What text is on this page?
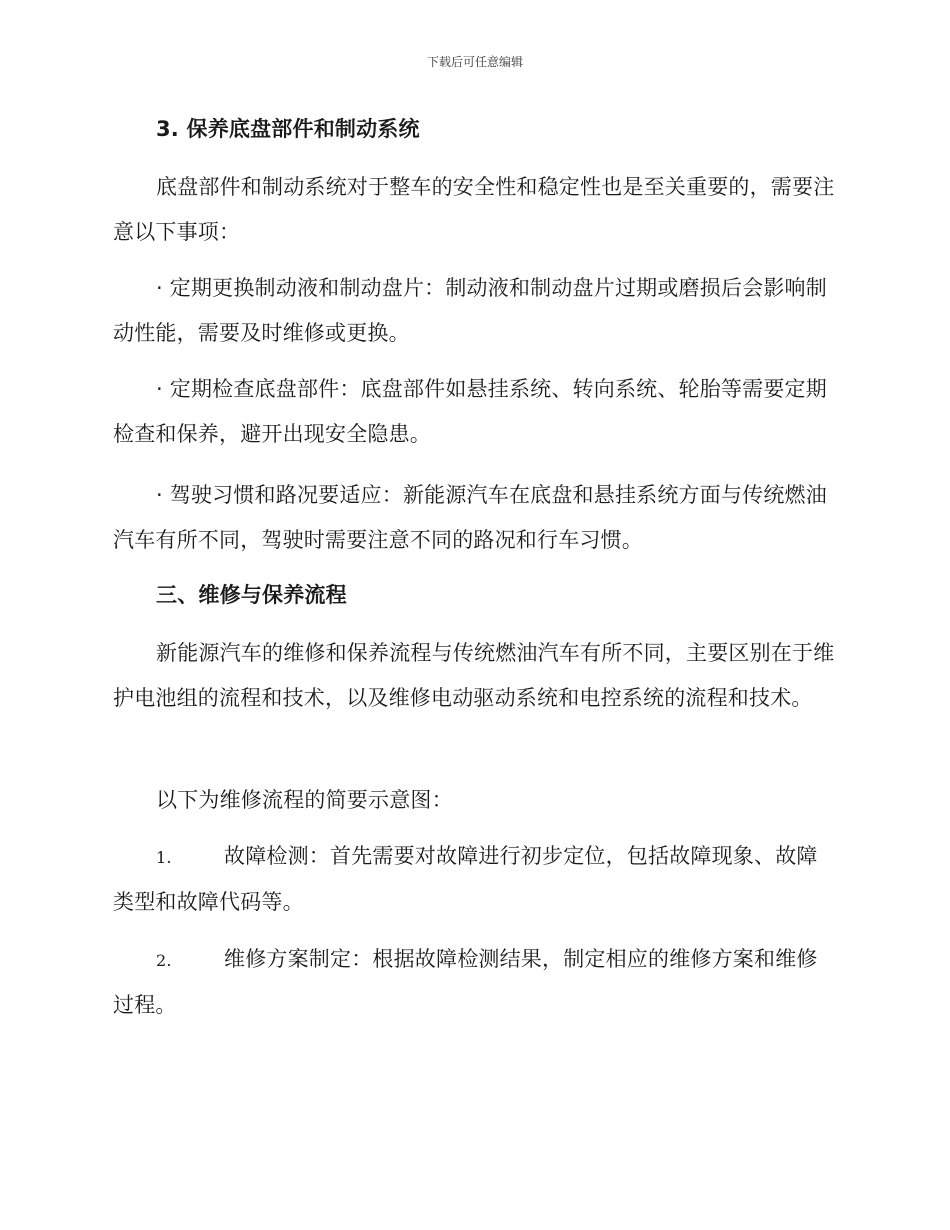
下载后可任意编辑
3. 保养底盘部件和制动系统
底盘部件和制动系统对于整车的安全性和稳定性也是至关重要的，需要注意以下事项：
· 定期更换制动液和制动盘片：制动液和制动盘片过期或磨损后会影响制动性能，需要及时维修或更换。
· 定期检查底盘部件：底盘部件如悬挂系统、转向系统、轮胎等需要定期检查和保养，避开出现安全隐患。
· 驾驶习惯和路况要适应：新能源汽车在底盘和悬挂系统方面与传统燃油汽车有所不同，驾驶时需要注意不同的路况和行车习惯。
三、维修与保养流程
新能源汽车的维修和保养流程与传统燃油汽车有所不同，主要区别在于维护电池组的流程和技术，以及维修电动驱动系统和电控系统的流程和技术。
以下为维修流程的简要示意图：
1. 故障检测：首先需要对故障进行初步定位，包括故障现象、故障类型和故障代码等。
2. 维修方案制定：根据故障检测结果，制定相应的维修方案和维修过程。
